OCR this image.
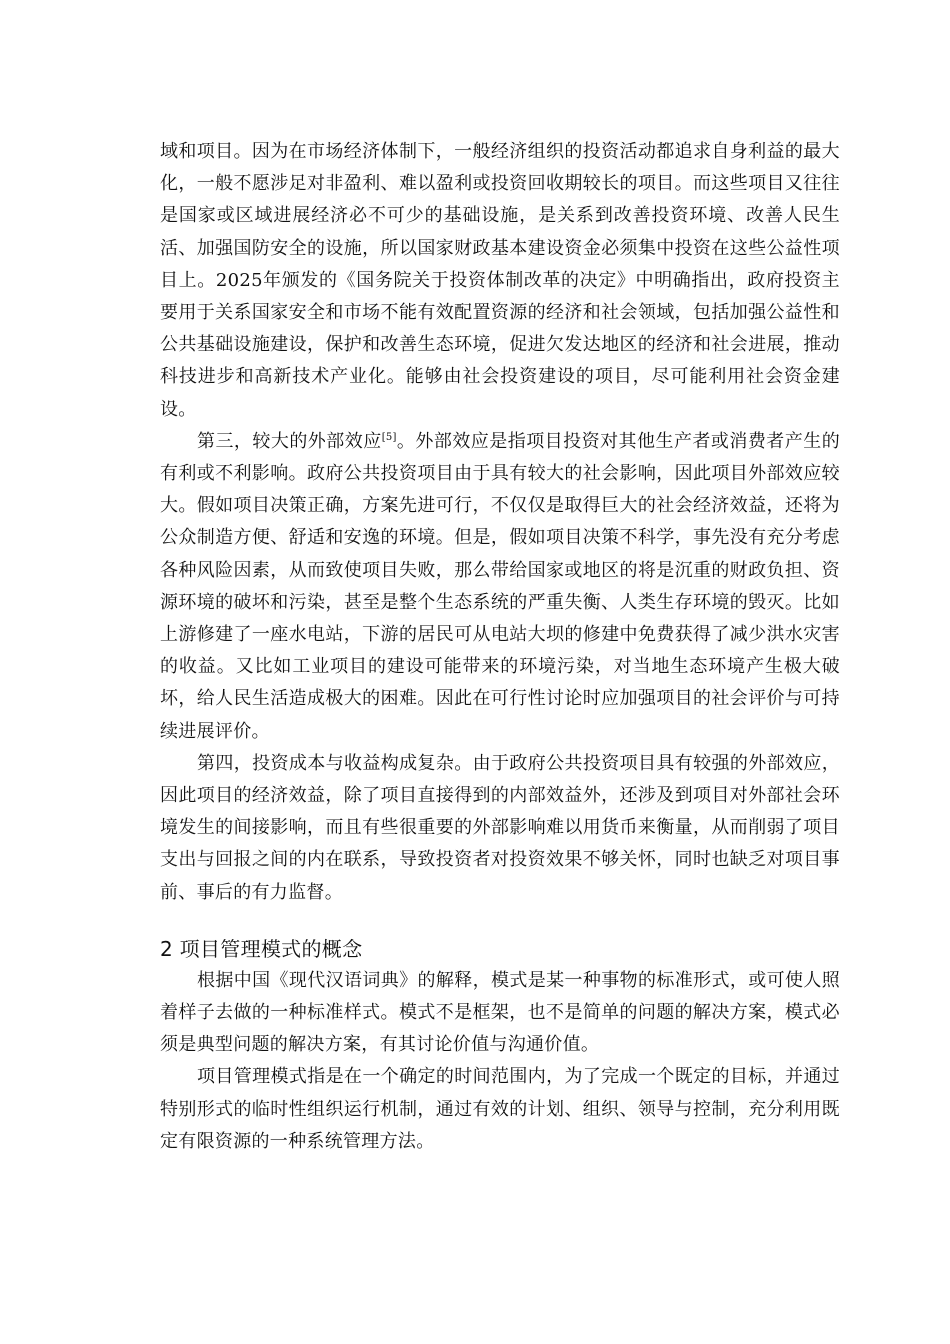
域和项目。因为在市场经济体制下，一般经济组织的投资活动都追求自身利益的最大化，一般不愿涉足对非盈利、难以盈利或投资回收期较长的项目。而这些项目又往往是国家或区域进展经济必不可少的基础设施，是关系到改善投资环境、改善人民生活、加强国防安全的设施，所以国家财政基本建设资金必须集中投资在这些公益性项目上。2025年颁发的《国务院关于投资体制改革的决定》中明确指出，政府投资主要用于关系国家安全和市场不能有效配置资源的经济和社会领域，包括加强公益性和公共基础设施建设，保护和改善生态环境，促进欠发达地区的经济和社会进展，推动科技进步和高新技术产业化。能够由社会投资建设的项目，尽可能利用社会资金建设。

第三，较大的外部效应[5]。外部效应是指项目投资对其他生产者或消费者产生的有利或不利影响。政府公共投资项目由于具有较大的社会影响，因此项目外部效应较大。假如项目决策正确，方案先进可行，不仅仅是取得巨大的社会经济效益，还将为公众制造方便、舒适和安逸的环境。但是，假如项目决策不科学，事先没有充分考虑各种风险因素，从而致使项目失败，那么带给国家或地区的将是沉重的财政负担、资源环境的破坏和污染，甚至是整个生态系统的严重失衡、人类生存环境的毁灭。比如上游修建了一座水电站，下游的居民可从电站大坝的修建中免费获得了减少洪水灾害的收益。又比如工业项目的建设可能带来的环境污染，对当地生态环境产生极大破坏，给人民生活造成极大的困难。因此在可行性讨论时应加强项目的社会评价与可持续进展评价。

第四，投资成本与收益构成复杂。由于政府公共投资项目具有较强的外部效应，因此项目的经济效益，除了项目直接得到的内部效益外，还涉及到项目对外部社会环境发生的间接影响，而且有些很重要的外部影响难以用货币来衡量，从而削弱了项目支出与回报之间的内在联系，导致投资者对投资效果不够关怀，同时也缺乏对项目事前、事后的有力监督。

2 项目管理模式的概念

根据中国《现代汉语词典》的解释，模式是某一种事物的标准形式，或可使人照着样子去做的一种标准样式。模式不是框架，也不是简单的问题的解决方案，模式必须是典型问题的解决方案，有其讨论价值与沟通价值。

项目管理模式指是在一个确定的时间范围内，为了完成一个既定的目标，并通过特别形式的临时性组织运行机制，通过有效的计划、组织、领导与控制，充分利用既定有限资源的一种系统管理方法。
